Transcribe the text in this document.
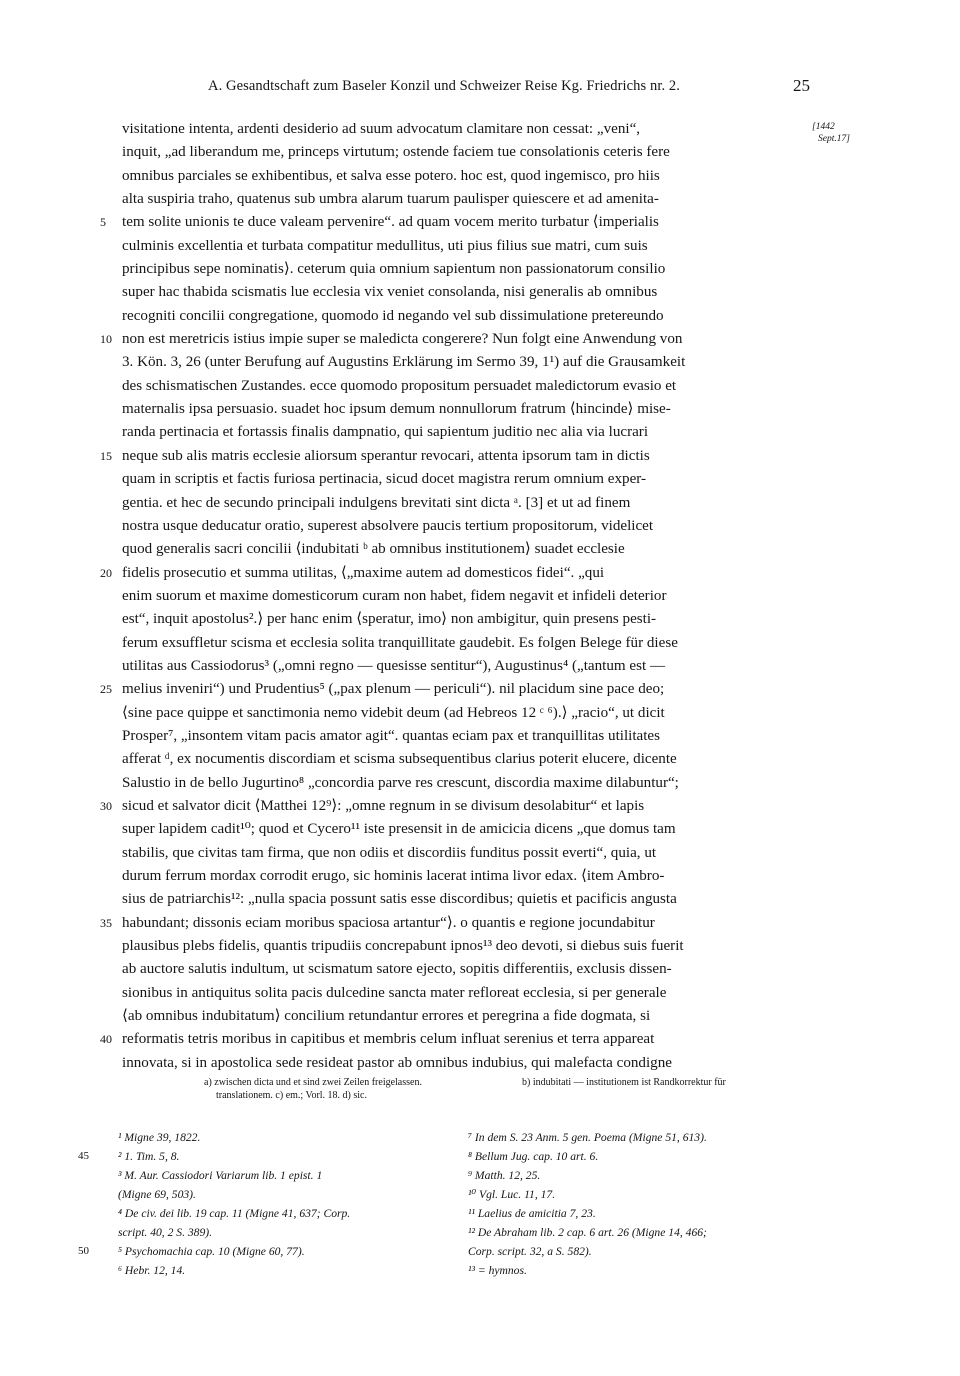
A. Gesandtschaft zum Baseler Konzil und Schweizer Reise Kg. Friedrichs nr. 2.	25
[1442
Sept.17]
visitatione intenta, ardenti desiderio ad suum advocatum clamitare non cessat: „veni“,
inquit, „ad liberandum me, princeps virtutum; ostende faciem tue consolationis ceteris fere
omnibus parciales se exhibentibus, et salva esse potero. hoc est, quod ingemisco, pro hiis
alta suspiria traho, quatenus sub umbra alarum tuarum paulisper quiescere et ad amenita-
5	tem solite unionis te duce valeam pervenire“. ad quam vocem merito turbatur ⟨imperialis
culminis excellentia et turbata compatitur medullitus, uti pius filius sue matri, cum suis
principibus sepe nominatis⟩. ceterum quia omnium sapientum non passionatorum consilio
super hac thabida scismatis lue ecclesia vix veniet consolanda, nisi generalis ab omnibus
recogniti concilii congregatione, quomodo id negando vel sub dissimulatione pretereundo
10 non est meretricis istius impie super se maledicta congerere? Nun folgt eine Anwendung von
3. Kön. 3, 26 (unter Berufung auf Augustins Erklärung im Sermo 39, 1¹) auf die Grausamkeit
des schismatischen Zustandes. ecce quomodo propositum persuadet maledictorum evasio et
maternalis ipsa persuasio. suadet hoc ipsum demum nonnullorum fratrum ⟨hincinde⟩ mise-
randa pertinacia et fortassis finalis dampnatio, qui sapientum juditio nec alia via lucrari
15 neque sub alis matris ecclesie aliorsum sperantur revocari, attenta ipsorum tam in dictis
quam in scriptis et factis furiosa pertinacia, sicud docet magistra rerum omnium exper-
gentia. et hec de secundo principali indulgens brevitati sint dicta ᵃ. [3] et ut ad finem
nostra usque deducatur oratio, superest absolvere paucis tertium propositorum, videlicet
quod generalis sacri concilii ⟨indubitati ᵇ ab omnibus institutionem⟩ suadet ecclesie
20 fidelis prosecutio et summa utilitas, ⟨„maxime autem ad domesticos fidei“. „qui
enim suorum et maxime domesticorum curam non habet, fidem negavit et infideli deterior
est“, inquit apostolus².⟩ per hanc enim ⟨speratur, imo⟩ non ambigitur, quin presens pesti-
ferum exsuffletur scisma et ecclesia solita tranquillitate gaudebit. Es folgen Belege für diese
utilitas aus Cassiodorus³ („omni regno — quesisse sentitur“), Augustinus⁴ („tantum est —
25 melius inveniri“) und Prudentius⁵ („pax plenum — periculi“). nil placidum sine pace deo;
⟨sine pace quippe et sanctimonia nemo videbit deum (ad Hebreos 12 ᶜ ⁶).⟩ „racio“, ut dicit
Prosper⁷, „insontem vitam pacis amator agit“. quantas eciam pax et tranquillitas utilitates
afferat ᵈ, ex nocumentis discordiam et scisma subsequentibus clarius poterit elucere, dicente
Salustio in de bello Jugurtino⁸ „concordia parve res crescunt, discordia maxime dilabuntur“;
30 sicud et salvator dicit ⟨Matthei 12⁹⟩: „omne regnum in se divisum desolabitur“ et lapis
super lapidem cadit¹⁰; quod et Cycero¹¹ iste presensit in de amicicia dicens „que domus tam
stabilis, que civitas tam firma, que non odiis et discordiis funditus possit everti“, quia, ut
durum ferrum mordax corrodit erugo, sic hominis lacerat intima livor edax. ⟨item Ambro-
sius de patriarchis¹²: „nulla spacia possunt satis esse discordibus; quietis et pacificis angusta
35 habundant; dissonis eciam moribus spaciosa artantur“⟩. o quantis e regione jocundabitur
plausibus plebs fidelis, quantis tripudiis concrepabunt ipnos¹³ deo devoti, si diebus suis fuerit
ab auctore salutis indultum, ut scismatum satore ejecto, sopitis differentiis, exclusis dissen-
sionibus in antiquitus solita pacis dulcedine sancta mater refloreat ecclesia, si per generale
⟨ab omnibus indubitatum⟩ concilium retundantur errores et peregrina a fide dogmata, si
40 reformatis tetris moribus in capitibus et membris celum influat serenius et terra appareat
innovata, si in apostolica sede resideat pastor ab omnibus indubius, qui malefacta condigne
a) zwischen dicta und et sind zwei Zeilen freigelassen.	b) indubitati — institutionem ist Randkorrektur für
translationem. c) em.; Vorl. 18. d) sic.
¹ Migne 39, 1822.
45	² 1. Tim. 5, 8.
³ M. Aur. Cassiodori Variarum lib. 1 epist. 1
(Migne 69, 503).
⁴ De civ. dei lib. 19 cap. 11 (Migne 41, 637; Corp.
script. 40, 2 S. 389).
50	⁵ Psychomachia cap. 10 (Migne 60, 77).
⁶ Hebr. 12, 14.
⁷ In dem S. 23 Anm. 5 gen. Poema (Migne 51, 613).
⁸ Bellum Jug. cap. 10 art. 6.
⁹ Matth. 12, 25.
¹⁰ Vgl. Luc. 11, 17.
¹¹ Laelius de amicitia 7, 23.
¹² De Abraham lib. 2 cap. 6 art. 26 (Migne 14, 466;
Corp. script. 32, a S. 582).
¹³ = hymnos.
